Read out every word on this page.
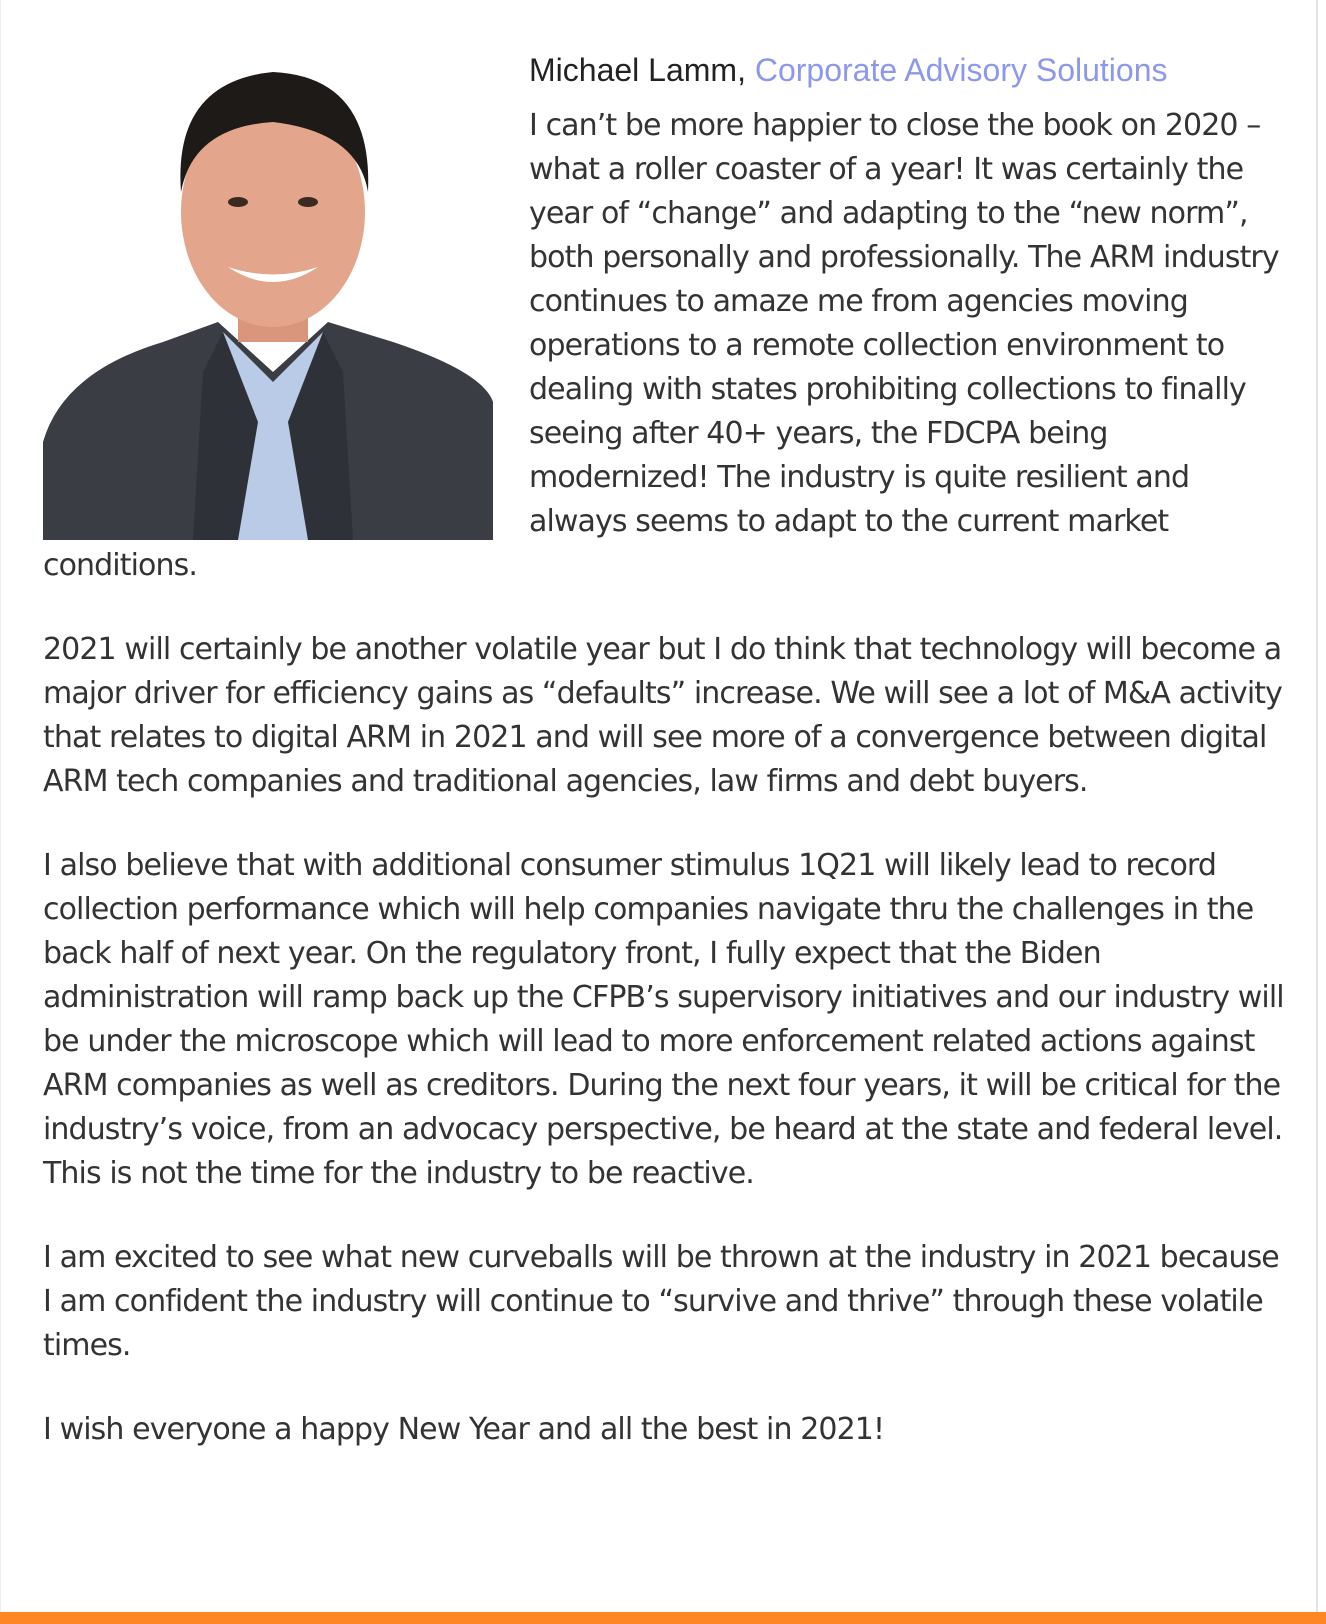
Michael Lamm, Corporate Advisory Solutions

I can’t be more happier to close the book on 2020 – what a roller coaster of a year! It was certainly the year of “change” and adapting to the “new norm”, both personally and professionally. The ARM industry continues to amaze me from agencies moving operations to a remote collection environment to dealing with states prohibiting collections to finally seeing after 40+ years, the FDCPA being modernized! The industry is quite resilient and always seems to adapt to the current market conditions.

2021 will certainly be another volatile year but I do think that technology will become a major driver for efficiency gains as “defaults” increase. We will see a lot of M&A activity that relates to digital ARM in 2021 and will see more of a convergence between digital ARM tech companies and traditional agencies, law firms and debt buyers.

I also believe that with additional consumer stimulus 1Q21 will likely lead to record collection performance which will help companies navigate thru the challenges in the back half of next year. On the regulatory front, I fully expect that the Biden administration will ramp back up the CFPB’s supervisory initiatives and our industry will be under the microscope which will lead to more enforcement related actions against ARM companies as well as creditors. During the next four years, it will be critical for the industry’s voice, from an advocacy perspective, be heard at the state and federal level. This is not the time for the industry to be reactive.

I am excited to see what new curveballs will be thrown at the industry in 2021 because I am confident the industry will continue to “survive and thrive” through these volatile times.

I wish everyone a happy New Year and all the best in 2021!
